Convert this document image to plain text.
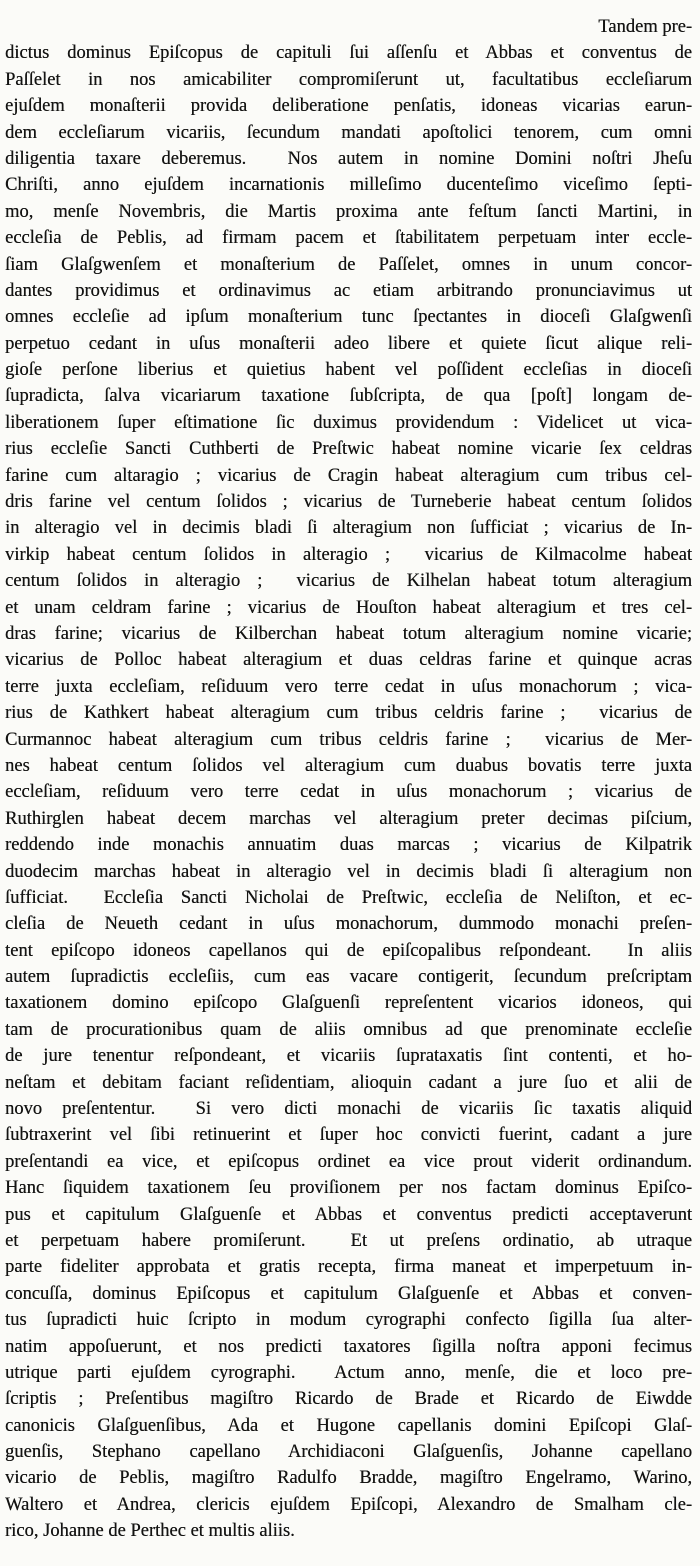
Tandem pre-
dictus dominus Epiſcopus de capituli ſui aſſenſu et Abbas et conventus de
Paſſelet in nos amicabiliter compromiſerunt ut, facultatibus eccleſiarum
ejuſdem monaſterii provida deliberatione penſatis, idoneas vicarias earun-
dem eccleſiarum vicariis, ſecundum mandati apoſtolici tenorem, cum omni
diligentia taxare deberemus.  Nos autem in nomine Domini noſtri Jheſu
Chriſti, anno ejuſdem incarnationis milleſimo ducenteſimo viceſimo ſepti-
mo, menſe Novembris, die Martis proxima ante feſtum ſancti Martini, in
eccleſia de Peblis, ad firmam pacem et ſtabilitatem perpetuam inter eccle-
ſiam Glaſgwenſem et monaſterium de Paſſelet, omnes in unum concor-
dantes providimus et ordinavimus ac etiam arbitrando pronunciavimus ut
omnes eccleſie ad ipſum monaſterium tunc ſpectantes in dioceſi Glaſgwenſi
perpetuo cedant in uſus monaſterii adeo libere et quiete ſicut alique reli-
gioſe perſone liberius et quietius habent vel poſſident eccleſias in dioceſi
ſupradicta, ſalva vicariarum taxatione ſubſcripta, de qua [poſt] longam de-
liberationem ſuper eſtimatione ſic duximus providendum : Videlicet ut vica-
rius eccleſie Sancti Cuthberti de Preſtwic habeat nomine vicarie ſex celdras
farine cum altaragio ; vicarius de Cragin habeat alteragium cum tribus cel-
dris farine vel centum ſolidos ; vicarius de Turneberie habeat centum ſolidos
in alteragio vel in decimis bladi ſi alteragium non ſufficiat ; vicarius de In-
virkip habeat centum ſolidos in alteragio ;  vicarius de Kilmacolme habeat
centum ſolidos in alteragio ;  vicarius de Kilhelan habeat totum alteragium
et unam celdram farine ; vicarius de Houſton habeat alteragium et tres cel-
dras farine; vicarius de Kilberchan habeat totum alteragium nomine vicarie;
vicarius de Polloc habeat alteragium et duas celdras farine et quinque acras
terre juxta eccleſiam, reſiduum vero terre cedat in uſus monachorum ; vica-
rius de Kathkert habeat alteragium cum tribus celdris farine ;  vicarius de
Curmannoc habeat alteragium cum tribus celdris farine ;  vicarius de Mer-
nes habeat centum ſolidos vel alteragium cum duabus bovatis terre juxta
eccleſiam, reſiduum vero terre cedat in uſus monachorum ; vicarius de
Ruthirglen habeat decem marchas vel alteragium preter decimas piſcium,
reddendo inde monachis annuatim duas marcas ; vicarius de Kilpatrik
duodecim marchas habeat in alteragio vel in decimis bladi ſi alteragium non
ſufficiat.  Eccleſia Sancti Nicholai de Preſtwic, eccleſia de Neliſton, et ec-
cleſia de Neueth cedant in uſus monachorum, dummodo monachi preſen-
tent epiſcopo idoneos capellanos qui de epiſcopalibus reſpondeant.  In aliis
autem ſupradictis eccleſiis, cum eas vacare contigerit, ſecundum preſcriptam
taxationem domino epiſcopo Glaſguenſi repreſentent vicarios idoneos, qui
tam de procurationibus quam de aliis omnibus ad que prenominate eccleſie
de jure tenentur reſpondeant, et vicariis ſuprataxatis ſint contenti, et ho-
neſtam et debitam faciant reſidentiam, alioquin cadant a jure ſuo et alii de
novo preſententur.  Si vero dicti monachi de vicariis ſic taxatis aliquid
ſubtraxerint vel ſibi retinuerint et ſuper hoc convicti fuerint, cadant a jure
preſentandi ea vice, et epiſcopus ordinet ea vice prout viderit ordinandum.
Hanc ſiquidem taxationem ſeu proviſionem per nos factam dominus Epiſco-
pus et capitulum Glaſguenſe et Abbas et conventus predicti acceptaverunt
et perpetuam habere promiſerunt.  Et ut preſens ordinatio, ab utraque
parte fideliter approbata et gratis recepta, firma maneat et imperpetuum in-
concuſſa, dominus Epiſcopus et capitulum Glaſguenſe et Abbas et conven-
tus ſupradicti huic ſcripto in modum cyrographi confecto ſigilla ſua alter-
natim appoſuerunt, et nos predicti taxatores ſigilla noſtra apponi fecimus
utrique parti ejuſdem cyrographi.  Actum anno, menſe, die et loco pre-
ſcriptis ; Preſentibus magiſtro Ricardo de Brade et Ricardo de Eiwdde
canonicis Glaſguenſibus, Ada et Hugone capellanis domini Epiſcopi Glaſ-
guenſis, Stephano capellano Archidiaconi Glaſguenſis, Johanne capellano
vicario de Peblis, magiſtro Radulfo Bradde, magiſtro Engelramo, Warino,
Waltero et Andrea, clericis ejuſdem Epiſcopi, Alexandro de Smalham cle-
rico, Johanne de Perthec et multis aliis.
